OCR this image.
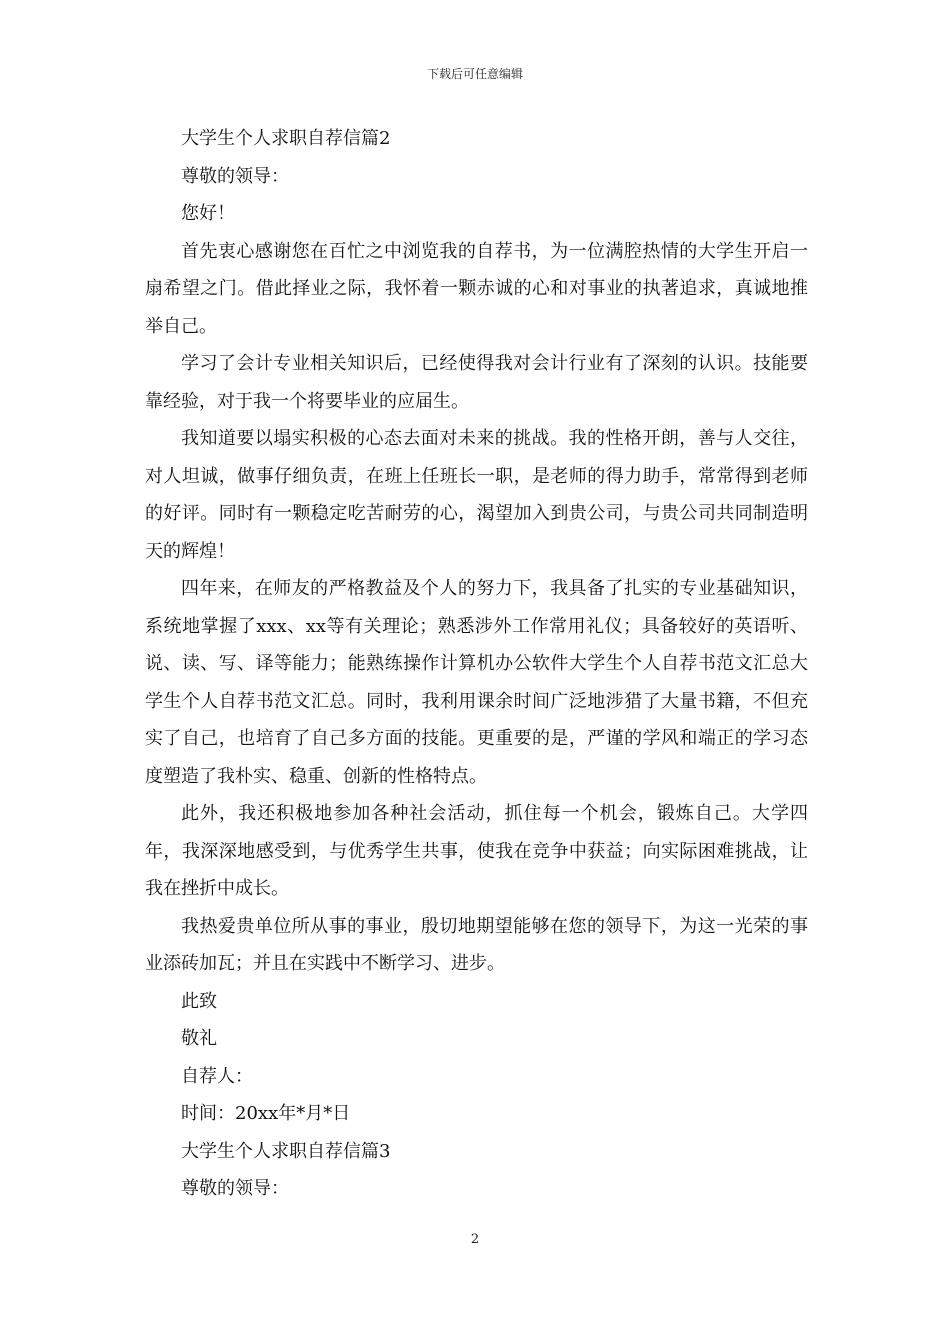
下载后可任意编辑

大学生个人求职自荐信篇2

尊敬的领导：

您好！

首先衷心感谢您在百忙之中浏览我的自荐书，为一位满腔热情的大学生开启一扇希望之门。借此择业之际，我怀着一颗赤诚的心和对事业的执著追求，真诚地推举自己。

学习了会计专业相关知识后，已经使得我对会计行业有了深刻的认识。技能要靠经验，对于我一个将要毕业的应届生。

我知道要以塌实积极的心态去面对未来的挑战。我的性格开朗，善与人交往，对人坦诚，做事仔细负责，在班上任班长一职，是老师的得力助手，常常得到老师的好评。同时有一颗稳定吃苦耐劳的心，渴望加入到贵公司，与贵公司共同制造明天的辉煌！

四年来，在师友的严格教益及个人的努力下，我具备了扎实的专业基础知识，系统地掌握了xxx、xx等有关理论；熟悉涉外工作常用礼仪；具备较好的英语听、说、读、写、译等能力；能熟练操作计算机办公软件大学生个人自荐书范文汇总大学生个人自荐书范文汇总。同时，我利用课余时间广泛地涉猎了大量书籍，不但充实了自己，也培育了自己多方面的技能。更重要的是，严谨的学风和端正的学习态度塑造了我朴实、稳重、创新的性格特点。

此外，我还积极地参加各种社会活动，抓住每一个机会，锻炼自己。大学四年，我深深地感受到，与优秀学生共事，使我在竞争中获益；向实际困难挑战，让我在挫折中成长。

我热爱贵单位所从事的事业，殷切地期望能够在您的领导下，为这一光荣的事业添砖加瓦；并且在实践中不断学习、进步。

此致

敬礼

自荐人：

时间：20xx年*月*日

大学生个人求职自荐信篇3

尊敬的领导：

2
